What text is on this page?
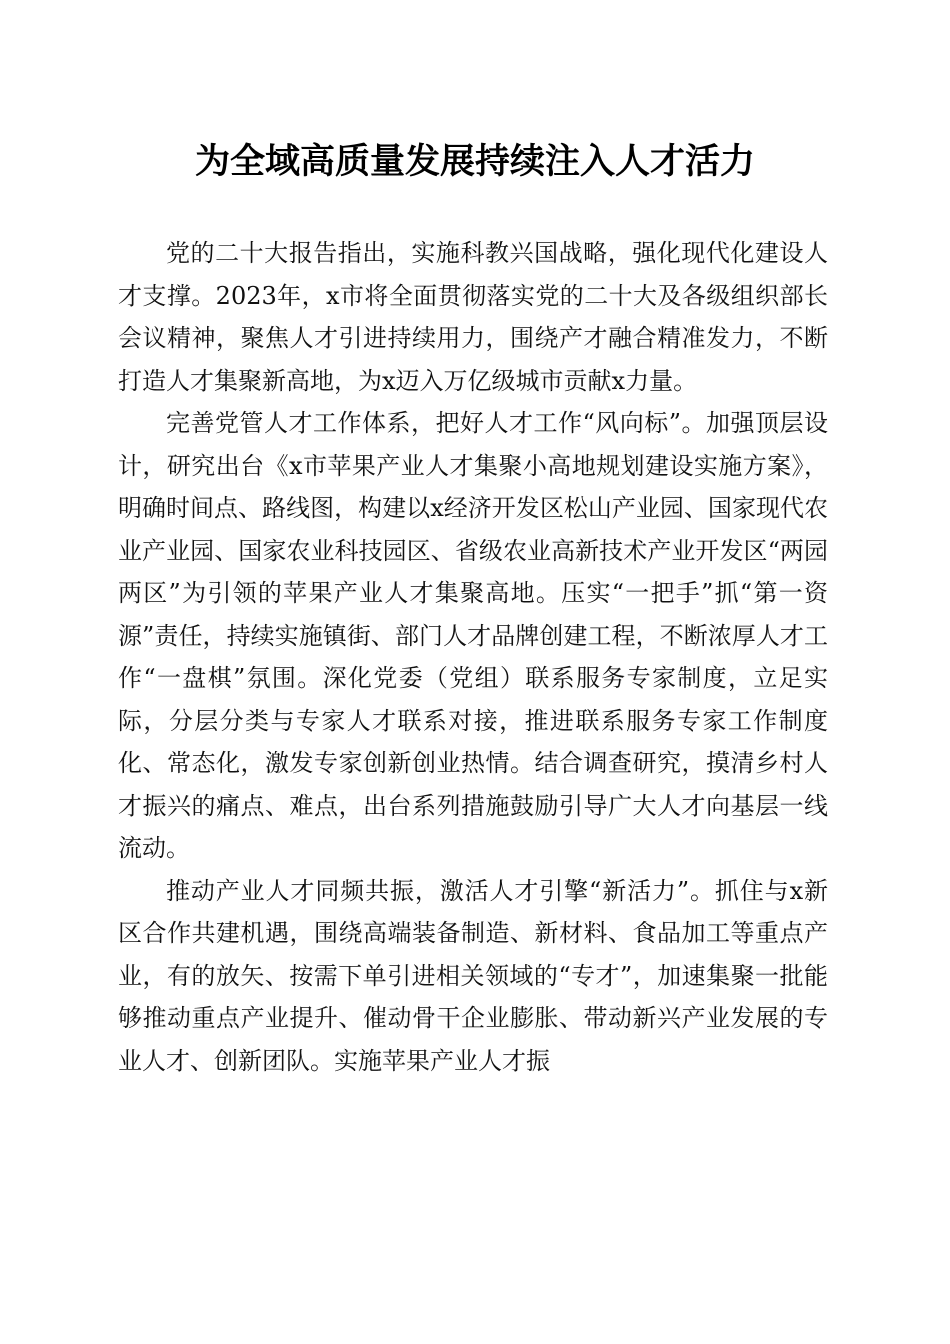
为全域高质量发展持续注入人才活力

党的二十大报告指出，实施科教兴国战略，强化现代化建设人才支撑。2023年，x市将全面贯彻落实党的二十大及各级组织部长会议精神，聚焦人才引进持续用力，围绕产才融合精准发力，不断打造人才集聚新高地，为x迈入万亿级城市贡献x力量。

完善党管人才工作体系，把好人才工作“风向标”。加强顶层设计，研究出台《x市苹果产业人才集聚小高地规划建设实施方案》，明确时间点、路线图，构建以x经济开发区松山产业园、国家现代农业产业园、国家农业科技园区、省级农业高新技术产业开发区“两园两区”为引领的苹果产业人才集聚高地。压实“一把手”抓“第一资源”责任，持续实施镇街、部门人才品牌创建工程，不断浓厚人才工作“一盘棋”氛围。深化党委（党组）联系服务专家制度，立足实际，分层分类与专家人才联系对接，推进联系服务专家工作制度化、常态化，激发专家创新创业热情。结合调查研究，摸清乡村人才振兴的痛点、难点，出台系列措施鼓励引导广大人才向基层一线流动。

推动产业人才同频共振，激活人才引擎“新活力”。抓住与x新区合作共建机遇，围绕高端装备制造、新材料、食品加工等重点产业，有的放矢、按需下单引进相关领域的“专才”，加速集聚一批能够推动重点产业提升、催动骨干企业膨胀、带动新兴产业发展的专业人才、创新团队。实施苹果产业人才振
